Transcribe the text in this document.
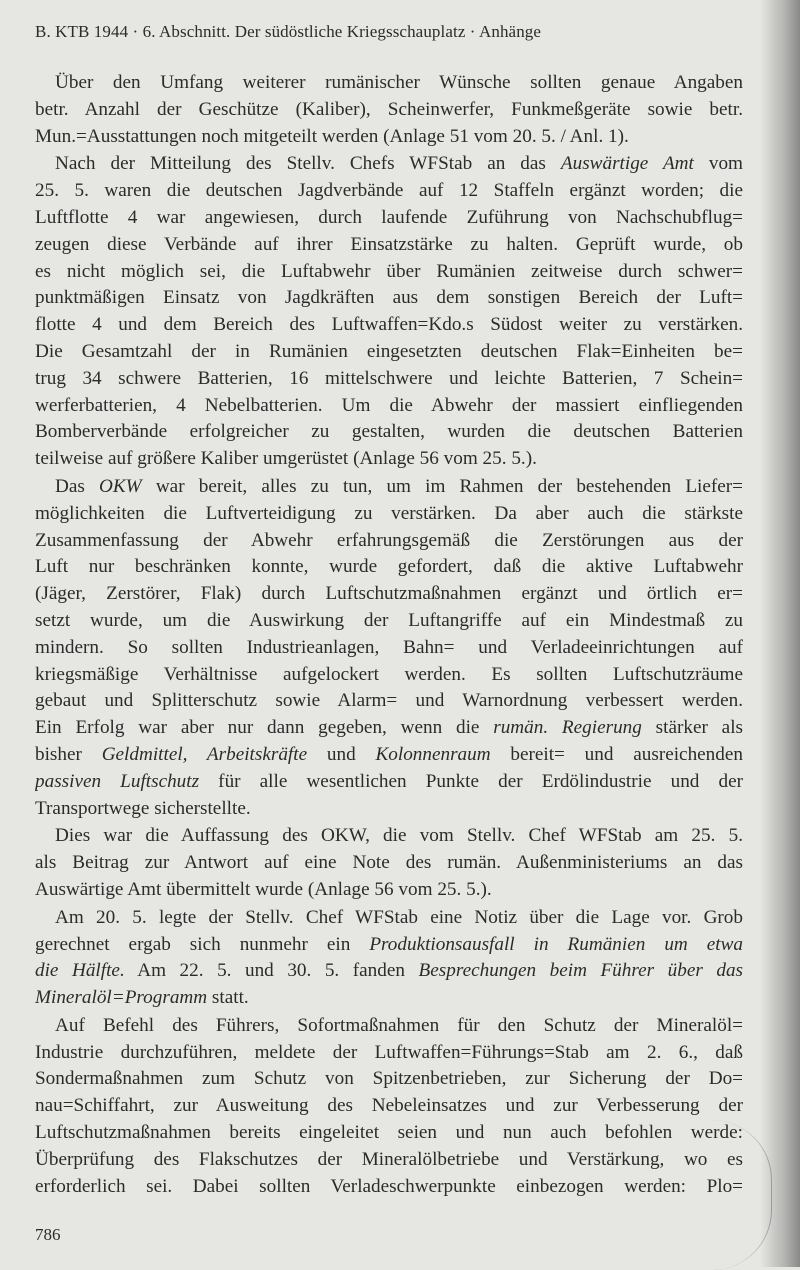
B. KTB 1944 · 6. Abschnitt. Der südöstliche Kriegsschauplatz · Anhänge
Über den Umfang weiterer rumänischer Wünsche sollten genaue Angaben
betr. Anzahl der Geschütze (Kaliber), Scheinwerfer, Funkmeßgeräte sowie betr.
Mun.=Ausstattungen noch mitgeteilt werden (Anlage 51 vom 20. 5. / Anl. 1).
Nach der Mitteilung des Stellv. Chefs WFStab an das Auswärtige Amt vom
25. 5. waren die deutschen Jagdverbände auf 12 Staffeln ergänzt worden; die
Luftflotte 4 war angewiesen, durch laufende Zuführung von Nachschubflug=
zeugen diese Verbände auf ihrer Einsatzstärke zu halten. Geprüft wurde, ob
es nicht möglich sei, die Luftabwehr über Rumänien zeitweise durch schwer=
punktmäßigen Einsatz von Jagdkräften aus dem sonstigen Bereich der Luft=
flotte 4 und dem Bereich des Luftwaffen=Kdo.s Südost weiter zu verstärken.
Die Gesamtzahl der in Rumänien eingesetzten deutschen Flak=Einheiten be=
trug 34 schwere Batterien, 16 mittelschwere und leichte Batterien, 7 Schein=
werferbatterien, 4 Nebelbatterien. Um die Abwehr der massiert einfliegenden
Bomberverbände erfolgreicher zu gestalten, wurden die deutschen Batterien
teilweise auf größere Kaliber umgerüstet (Anlage 56 vom 25. 5.).
Das OKW war bereit, alles zu tun, um im Rahmen der bestehenden Liefer=
möglichkeiten die Luftverteidigung zu verstärken. Da aber auch die stärkste
Zusammenfassung der Abwehr erfahrungsgemäß die Zerstörungen aus der
Luft nur beschränken konnte, wurde gefordert, daß die aktive Luftabwehr
(Jäger, Zerstörer, Flak) durch Luftschutzmaßnahmen ergänzt und örtlich er=
setzt wurde, um die Auswirkung der Luftangriffe auf ein Mindestmaß zu
mindern. So sollten Industrieanlagen, Bahn= und Verladeeinrichtungen auf
kriegsmäßige Verhältnisse aufgelockert werden. Es sollten Luftschutzräume
gebaut und Splitterschutz sowie Alarm= und Warnordnung verbessert werden.
Ein Erfolg war aber nur dann gegeben, wenn die rumän. Regierung stärker als
bisher Geldmittel, Arbeitskräfte und Kolonnenraum bereit= und ausreichenden
passiven Luftschutz für alle wesentlichen Punkte der Erdölindustrie und der
Transportwege sicherstellte.
Dies war die Auffassung des OKW, die vom Stellv. Chef WFStab am 25. 5.
als Beitrag zur Antwort auf eine Note des rumän. Außenministeriums an das
Auswärtige Amt übermittelt wurde (Anlage 56 vom 25. 5.).
Am 20. 5. legte der Stellv. Chef WFStab eine Notiz über die Lage vor. Grob
gerechnet ergab sich nunmehr ein Produktionsausfall in Rumänien um etwa
die Hälfte. Am 22. 5. und 30. 5. fanden Besprechungen beim Führer über das
Mineralöl=Programm statt.
Auf Befehl des Führers, Sofortmaßnahmen für den Schutz der Mineralöl=
Industrie durchzuführen, meldete der Luftwaffen=Führungs=Stab am 2. 6., daß
Sondermaßnahmen zum Schutz von Spitzenbetrieben, zur Sicherung der Do=
nau=Schiffahrt, zur Ausweitung des Nebeleinsatzes und zur Verbesserung der
Luftschutzmaßnahmen bereits eingeleitet seien und nun auch befohlen werde:
Überprüfung des Flakschutzes der Mineralölbetriebe und Verstärkung, wo es
erforderlich sei. Dabei sollten Verladeschwerpunkte einbezogen werden: Plo=
786
